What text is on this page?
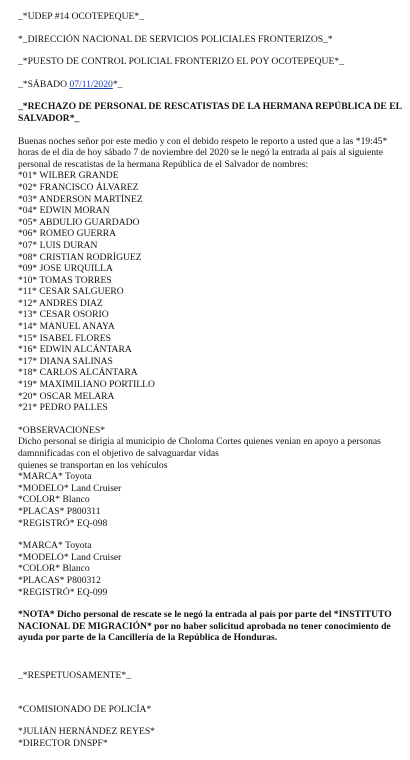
_*UDEP #14 OCOTEPEQUE*_
*_DIRECCIÓN NACIONAL DE SERVICIOS POLICIALES FRONTERIZOS_*
_*PUESTO DE CONTROL POLICIAL FRONTERIZO EL POY OCOTEPEQUE*_
_*SÁBADO 07/11/2020*_
_*RECHAZO DE PERSONAL DE RESCATISTAS DE LA HERMANA REPÚBLICA DE EL SALVADOR*_
Buenas noches señor por este medio y con el debido respeto le reporto a usted que a las *19:45* horas de el dia de hoy sábado 7 de noviembre del 2020 se le negó la entrada al país al siguiente personal de rescatistas de la hermana República de el Salvador de nombres:
*01* WILBER GRANDE
*02* FRANCISCO ÁLVAREZ
*03* ANDERSON MARTÍNEZ
*04* EDWIN MORAN
*05* ABDULIO GUARDADO
*06* ROMEO GUERRA
*07* LUIS DURAN
*08* CRISTIAN RODRÍGUEZ
*09* JOSE URQUILLA
*10* TOMAS TORRES
*11* CESAR SALGUERO
*12* ANDRES DIAZ
*13* CESAR OSORIO
*14* MANUEL ANAYA
*15* ISABEL FLORES
*16* EDWIN ALCÁNTARA
*17* DIANA SALINAS
*18* CARLOS ALCÁNTARA
*19* MAXIMILIANO PORTILLO
*20* OSCAR MELARA
*21* PEDRO PALLES
*OBSERVACIONES*
Dicho personal se dirigia al municipio de Choloma Cortes quienes venian en apoyo a personas damnnificadas con el objetivo de salvaguardar vidas
quienes se transportan en los vehículos
*MARCA* Toyota
*MODELO* Land Cruiser
*COLOR* Blanco
*PLACAS* P800311
*REGISTRÓ* EQ-098
*MARCA* Toyota
*MODELO* Land Cruiser
*COLOR* Blanco
*PLACAS* P800312
*REGISTRÓ* EQ-099
*NOTA* Dicho personal de rescate se le negó la entrada al país por parte del *INSTITUTO NACIONAL DE MIGRACIÓN* por no haber solicitud aprobada no tener conocimiento de ayuda por parte de la Cancillería de la República de Honduras.
_*RESPETUOSAMENTE*_
*COMISIONADO DE POLICÍA*
*JULIÁN HERNÁNDEZ REYES*
*DIRECTOR DNSPF*
